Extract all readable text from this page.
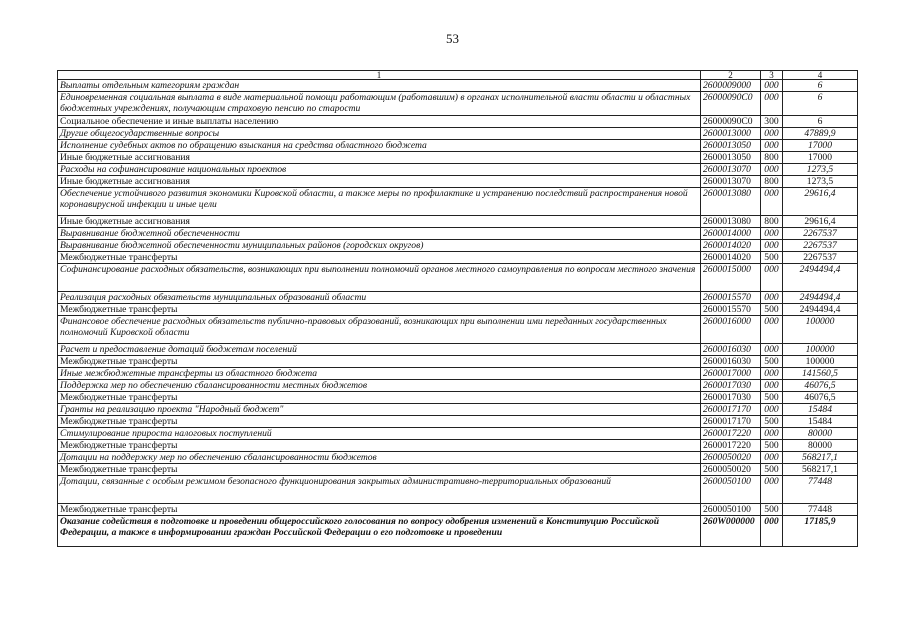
53
1	2	3	4
Выплаты отдельным категориям граждан	2600009000	000	6
Единовременная социальная выплата в виде материальной помощи работающим (работавшим) в органах исполнительной власти области и областных бюджетных учреждениях, получающим страховую пенсию по старости	26000090С0	000	6
Социальное обеспечение и иные выплаты населению	26000090С0	300	6
Другие общегосударственные вопросы	2600013000	000	47889,9
Исполнение судебных актов по обращению взыскания на средства областного бюджета	2600013050	000	17000
Иные бюджетные ассигнования	2600013050	800	17000
Расходы на софинансирование национальных проектов	2600013070	000	1273,5
Иные бюджетные ассигнования	2600013070	800	1273,5
Обеспечение устойчивого развития экономики Кировской области, а также меры по профилактике и устранению последствий распространения новой коронавирусной инфекции и иные цели	2600013080	000	29616,4
Иные бюджетные ассигнования	2600013080	800	29616,4
Выравнивание бюджетной обеспеченности	2600014000	000	2267537
Выравнивание бюджетной обеспеченности муниципальных районов (городских округов)	2600014020	000	2267537
Межбюджетные трансферты	2600014020	500	2267537
Софинансирование расходных обязательств, возникающих при выполнении полномочий органов местного самоуправления по вопросам местного значения	2600015000	000	2494494,4
Реализация расходных обязательств муниципальных образований области	2600015570	000	2494494,4
Межбюджетные трансферты	2600015570	500	2494494,4
Финансовое обеспечение расходных обязательств публично-правовых образований, возникающих при выполнении ими переданных государственных полномочий Кировской области	2600016000	000	100000
Расчет и предоставление дотаций бюджетам поселений	2600016030	000	100000
Межбюджетные трансферты	2600016030	500	100000
Иные межбюджетные трансферты из областного бюджета	2600017000	000	141560,5
Поддержка мер по обеспечению сбалансированности местных бюджетов	2600017030	000	46076,5
Межбюджетные трансферты	2600017030	500	46076,5
Гранты на реализацию проекта "Народный бюджет"	2600017170	000	15484
Межбюджетные трансферты	2600017170	500	15484
Стимулирование прироста налоговых поступлений	2600017220	000	80000
Межбюджетные трансферты	2600017220	500	80000
Дотации на поддержку мер по обеспечению сбалансированности бюджетов	2600050020	000	568217,1
Межбюджетные трансферты	2600050020	500	568217,1
Дотации, связанные с особым режимом безопасного функционирования закрытых административно-территориальных образований	2600050100	000	77448
Межбюджетные трансферты	2600050100	500	77448
Оказание содействия в подготовке и проведении общероссийского голосования по вопросу одобрения изменений в Конституцию Российской Федерации, а также в информировании граждан Российской Федерации о его подготовке и проведении	260W000000	000	17185,9
